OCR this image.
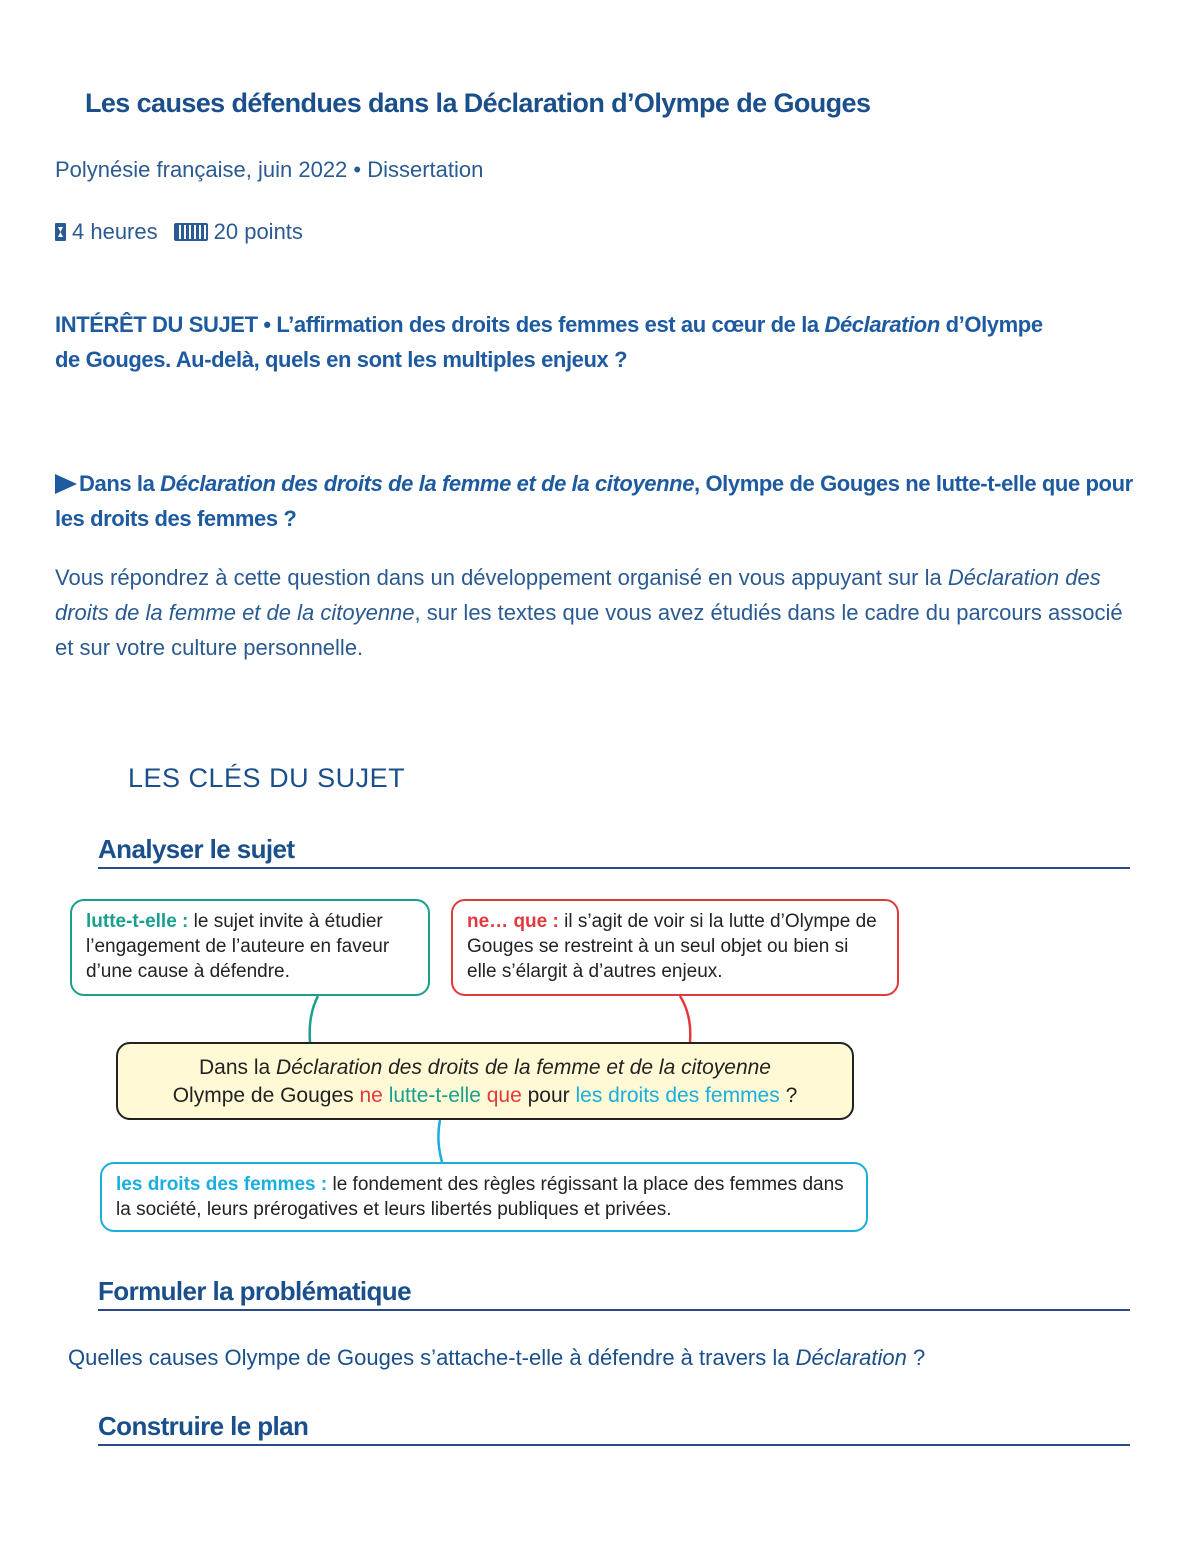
Les causes défendues dans la Déclaration d’Olympe de Gouges
Polynésie française, juin 2022 • Dissertation
4 heures	20 points
INTÉRÊT DU SUJET • L’affirmation des droits des femmes est au cœur de la Déclaration d’Olympe de Gouges. Au-delà, quels en sont les multiples enjeux ?
Dans la Déclaration des droits de la femme et de la citoyenne, Olympe de Gouges ne lutte-t-elle que pour les droits des femmes ?
Vous répondrez à cette question dans un développement organisé en vous appuyant sur la Déclaration des droits de la femme et de la citoyenne, sur les textes que vous avez étudiés dans le cadre du parcours associé et sur votre culture personnelle.
LES CLÉS DU SUJET
Analyser le sujet
lutte-t-elle : le sujet invite à étudier l’engagement de l’auteure en faveur d’une cause à défendre.
ne… que : il s’agit de voir si la lutte d’Olympe de Gouges se restreint à un seul objet ou bien si elle s’élargit à d’autres enjeux.
Dans la Déclaration des droits de la femme et de la citoyenne
Olympe de Gouges ne lutte-t-elle que pour les droits des femmes ?
les droits des femmes : le fondement des règles régissant la place des femmes dans la société, leurs prérogatives et leurs libertés publiques et privées.
Formuler la problématique
Quelles causes Olympe de Gouges s’attache-t-elle à défendre à travers la Déclaration ?
Construire le plan
